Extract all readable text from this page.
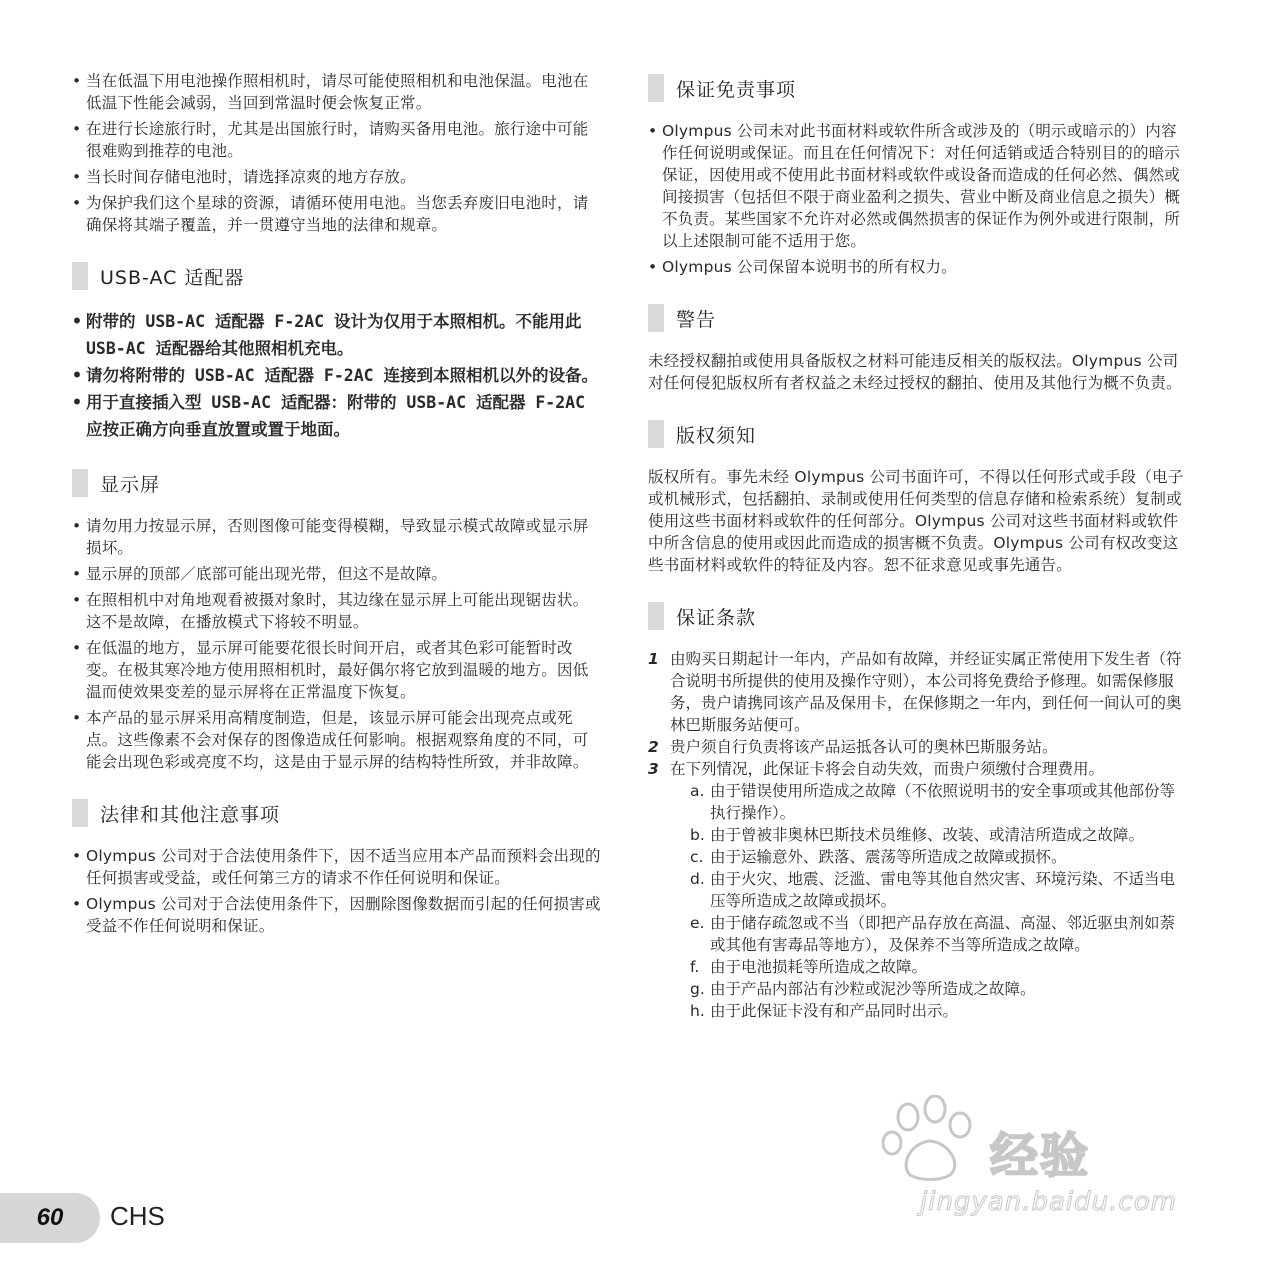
• 当在低温下用电池操作照相机时，请尽可能使照相机和电池保温。电池在低温下性能会减弱，当回到常温时便会恢复正常。
• 在进行长途旅行时，尤其是出国旅行时，请购买备用电池。旅行途中可能很难购到推荐的电池。
• 当长时间存储电池时，请选择凉爽的地方存放。
• 为保护我们这个星球的资源，请循环使用电池。当您丢弃废旧电池时，请确保将其端子覆盖，并一贯遵守当地的法律和规章。
USB-AC 适配器
• 附带的 USB-AC 适配器 F-2AC 设计为仅用于本照相机。不能用此 USB-AC 适配器给其他照相机充电。
• 请勿将附带的 USB-AC 适配器 F-2AC 连接到本照相机以外的设备。
• 用于直接插入型 USB-AC 适配器：附带的 USB-AC 适配器 F-2AC 应按正确方向垂直放置或置于地面。
显示屏
• 请勿用力按显示屏，否则图像可能变得模糊，导致显示模式故障或显示屏损坏。
• 显示屏的顶部／底部可能出现光带，但这不是故障。
• 在照相机中对角地观看被摄对象时，其边缘在显示屏上可能出现锯齿状。这不是故障，在播放模式下将较不明显。
• 在低温的地方，显示屏可能要花很长时间开启，或者其色彩可能暂时改变。在极其寒冷地方使用照相机时，最好偶尔将它放到温暖的地方。因低温而使效果变差的显示屏将在正常温度下恢复。
• 本产品的显示屏采用高精度制造，但是，该显示屏可能会出现亮点或死点。这些像素不会对保存的图像造成任何影响。根据观察角度的不同，可能会出现色彩或亮度不均，这是由于显示屏的结构特性所致，并非故障。
法律和其他注意事项
• Olympus 公司对于合法使用条件下，因不适当应用本产品而预料会出现的任何损害或受益，或任何第三方的请求不作任何说明和保证。
• Olympus 公司对于合法使用条件下，因删除图像数据而引起的任何损害或受益不作任何说明和保证。
保证免责事项
• Olympus 公司未对此书面材料或软件所含或涉及的（明示或暗示的）内容作任何说明或保证。而且在任何情况下：对任何适销或适合特别目的的暗示保证，因使用或不使用此书面材料或软件或设备而造成的任何必然、偶然或间接损害（包括但不限于商业盈利之损失、营业中断及商业信息之损失）概不负责。某些国家不允许对必然或偶然损害的保证作为例外或进行限制，所以上述限制可能不适用于您。
• Olympus 公司保留本说明书的所有权力。
警告

未经授权翻拍或使用具备版权之材料可能违反相关的版权法。Olympus 公司对任何侵犯版权所有者权益之未经过授权的翻拍、使用及其他行为概不负责。

版权须知

版权所有。事先未经 Olympus 公司书面许可，不得以任何形式或手段（电子或机械形式，包括翻拍、录制或使用任何类型的信息存储和检索系统）复制或使用这些书面材料或软件的任何部分。Olympus 公司对这些书面材料或软件中所含信息的使用或因此而造成的损害概不负责。Olympus 公司有权改变这些书面材料或软件的特征及内容。恕不征求意见或事先通告。

保证条款
1 由购买日期起计一年内，产品如有故障，并经证实属正常使用下发生者（符合说明书所提供的使用及操作守则），本公司将免费给予修理。如需保修服务，贵户请携同该产品及保用卡，在保修期之一年内，到任何一间认可的奥林巴斯服务站便可。
2 贵户须自行负责将该产品运抵各认可的奥林巴斯服务站。
3 在下列情况，此保证卡将会自动失效，而贵户须缴付合理费用。
a. 由于错误使用所造成之故障（不依照说明书的安全事项或其他部份等执行操作）。
b. 由于曾被非奥林巴斯技术员维修、改装、或清洁所造成之故障。
c. 由于运输意外、跌落、震荡等所造成之故障或损怀。
d. 由于火灾、地震、泛滥、雷电等其他自然灾害、环境污染、不适当电压等所造成之故障或损坏。
e. 由于储存疏忽或不当（即把产品存放在高温、高湿、邻近驱虫剂如萘或其他有害毒品等地方），及保养不当等所造成之故障。
f. 由于电池损耗等所造成之故障。
g. 由于产品内部沾有沙粒或泥沙等所造成之故障。
h. 由于此保证卡没有和产品同时出示。
60 CHS
经验
jingyan.baidu.com
